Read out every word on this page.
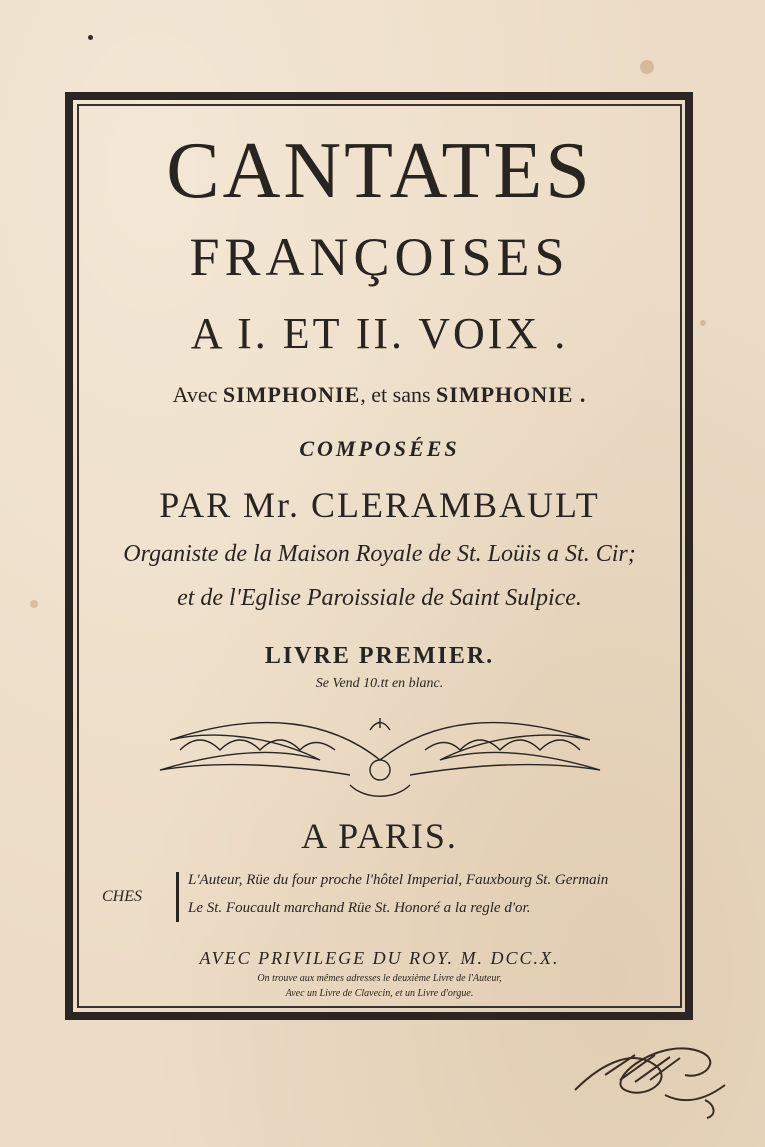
CANTATES
FRANÇOISES
A I. ET II. VOIX .
Avec SIMPHONIE, et sans SIMPHONIE .
COMPOSÉES
PAR Mr. CLERAMBAULT
Organiste de la Maison Royale de St. Loüis a St. Cir;
et de l'Eglise Paroissiale de Saint Sulpice.
LIVRE PREMIER.
Se Vend 10.tt en blanc.
A PARIS.
CHES
L'Auteur, Rüe du four proche l'hôtel Imperial, Fauxbourg St. Germain
Le St. Foucault marchand Rüe St. Honoré a la regle d'or.
AVEC PRIVILEGE DU ROY. M. DCC.X.
On trouve aux mêmes adresses le deuxième Livre de l'Auteur,
Avec un Livre de Clavecin, et un Livre d'orgue.
